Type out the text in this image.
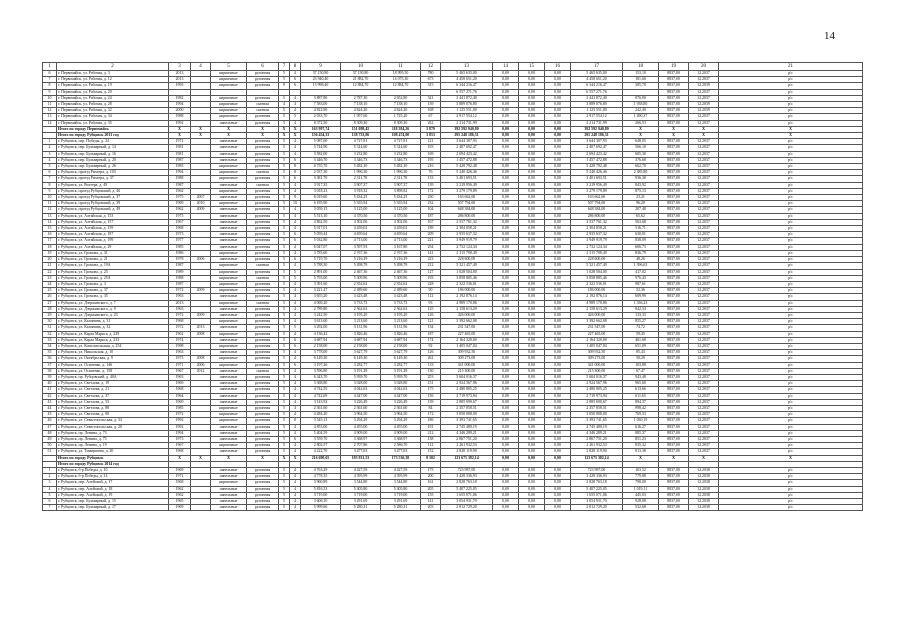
14
1	2	3	4	5	6	7	8	9	10	11	12	13	14	15	16	17	18	19	20	21
6	г. Первомайск, ул. Рабочая, д. 3	2013		кирпичные	рулонная	5	4	37 150,80	37 150,80	18 995,50	780	5 465 635,00	0,00	0,00	0,00	5 465 635,00	153,10	8837,00	12.2037	р/с
7	г. Первомайск, ул. Рабочая, д. 12	2013		кирпичные	рулонная	5	6	23 940,40	21 882,70	14 075,30	673	4 458 651,20	0,00	0,00	0,00	4 458 651,20	181,60	8837,00	12.2037	р/с
8	г. Первомайск, ул. Рабочая, д. 19	1993		кирпичные	рулонная	9	6	15 998,40	12 884,70	12 884,70	315	6 344 216,47	0,00	0,00	0,00	6 344 216,47	385,70	8837,00	12.2039	р/с
9	г. Первомайск, ул. Рабочая, д. 20											6 557 271,76	0,00	0,00	0,00	6 557 271,76		8837,00	12.2037	р/с
10	г. Первомайск, ул. Рабочая, д. 24	1982		кирпичные	рулонная	5	4	3 887,80	2 787,30	2 652,80	321	2 441 872,40	0,00	0,00	0,00	2 441 872,40	876,00	8837,00	12.2037	р/с
11	г. Первомайск, ул. Рабочая, д. 28	1994		кирпичные	скатная	4	4	7 583,00	7 138,10	7 138,10	139	3 889 076,80	0,00	0,00	0,00	3 889 076,80	1 938,80	8837,00	12.2039	р/с
12	г. Первомайск, ул. Рабочая, д. 32	2000		кирпичные	скатная	5	4	4 822,90	4 624,20	4 624,20	168	1 125 551,00	0,00	0,00	0,00	1 125 551,00	242,40	8837,00	12.2039	р/с
13	г. Первомайск, ул. Рабочая, д. 34	1988		кирпичные	рулонная	5	5	2 033,70	1 957,60	1 725,20	67	2 917 554,12	0,00	0,00	0,00	2 917 554,12	1 490,37	8837,00	12.2037	р/с
14	г. Первомайск, ул. Рабочая, д. 35	1992		панельные	рулонная	5	4	8 372,50	8 309,30	8 309,30	261	2 214 731,99	0,00	0,00	0,00	2 214 731,99	266,53	8837,00	12.2037	р/с
	Итого по городу Первомайск	Х	Х	Х	Х	Х	Х	163 997,74	151 098,45	118 584,26	3 879	392 592 940,80	0,00	0,00	0,00	392 592 940,80	Х	Х	Х	Х
	Итого по городу Рубцовск 2013 год	Х	Х	Х	Х	Х	Х	156 454,33	138 733,86	108 474,00	3 853	295 248 186,31	0,00	0,00	0,00	295 248 186,31	Х	Х	Х	Х
1	г. Рубцовск, пер. Победы, д. 24	1972		панельные	рулонная	5	4	5 087,60	4 727,81	4 727,81	121	3 644 307,93	0,00	0,00	0,00	3 644 307,93	648,05	8837,00	12.2037	р/с
2	г. Рубцовск, пер. Бульварный, д. 14	1981		панельные	рулонная	5	4	5 744,90	5 314,60	5 314,60	193	2 407 692,47	0,00	0,00	0,00	2 407 692,47	566,10	8837,00	12.2037	р/с
3	г. Рубцовск, пер. Бульварный, д. 16	1981		панельные	рулонная	5	4	3 582,00	3 232,80	3 232,80	169	2 694 423,42	0,00	0,00	0,00	2 694 423,42	605,30	8837,00	12.2037	р/с
4	г. Рубцовск, пер. Бульварный, д. 20	1987		панельные	рулонная	5	6	3 446,70	3 346,73	3 346,73	195	1 457 472,88	0,00	0,00	0,00	1 457 472,88	376,68	8837,00	12.2037	р/с
5	г. Рубцовск, пер. Бульварный, д. 26	1983		кирпичные	рулонная	5	8	6 735,70	5 482,10	5 482,10	216	5 428 792,48	0,00	0,00	0,00	5 428 792,48	662,70	8837,00	12.2037	р/с
6	г. Рубцовск, проезд Рихтера, д. 103	1994		кирпичные	скатная	5	8	2 037,30	1 996,30	1 996,30	76	5 240 426,46	0,00	0,00	0,00	5 240 426,46	2 385,80	8837,00	12.2037	р/с
7	г. Рубцовск, проезд Рихтера, д. 37	1988		кирпичные	рулонная	5	6	3 381,70	2 311,70	2 311,70	133	3 401 693,51	0,00	0,00	0,00	3 401 693,51	936,30	8837,00	12.2037	р/с
8	г. Рубцовск, ул. Рихтера, д. 49	1987		панельные	скатная	5	4	3 917,35	3 907,37	3 907,37	139	3 219 956,49	0,00	0,00	0,00	3 219 956,49	843,92	8837,00	12.2037	р/с
9	г. Рубцовск, проезд Рубцовский, д. 46	1962		кирпичные	рулонная	5	4	3 018,23	3 918,32	3 898,82	172	3 279 179,89	0,00	0,00	0,00	3 279 179,89	875,13	8837,00	12.2037	р/с
10	г. Рубцовск, проезд Рубцовский, д. 37	1975	2007	панельные	рулонная	5	8	6 019,60	5 434,25	5 434,25	230	163 662,60	0,00	0,00	0,00	163 662,60	23,21	8837,00	12.2037	р/с
11	г. Рубцовск, проезд Рубцовский, д. 39	1969	2010	кирпичные	рулонная	5	10	6 185,90	5 335,94	5 335,94	232	507 794,60	0,00	0,00	0,00	507 794,60	96,20	8837,00	12.2037	р/с
12	г. Рубцовск, проезд Рубцовский, д. 49	1962	2009	панельные	рулонная	5	4	3 059,15	3 125,00	3 125,00	104	648 384,00	0,00	0,00	0,00	648 384,00	207,48	8837,00	12.2037	р/с
13	г. Рубцовск, ул. Алтайская, д. 153	1975		панельные	рулонная	5	4	5 513,10	4 370,50	4 370,50	187	286 800,00	0,00	0,00	0,00	286 800,00	65,62	8837,00	12.2037	р/с
14	г. Рубцовск, ул. Алтайская, д. 157	1967		панельные	рулонная	5	4	4 862,50	4 502,06	4 502,06	167	2 537 761,32	0,00	0,00	0,00	2 537 761,32	563,68	8837,00	12.2037	р/с
15	г. Рубцовск, ул. Алтайская, д. 159	1968		панельные	рулонная	5	4	5 017,01	4 459,02	4 459,02	189	2 304 058,21	0,00	0,00	0,00	2 304 058,21	516,71	8837,00	12.2037	р/с
16	г. Рубцовск, ул. Алтайская, д. 187	1973		панельные	рулонная	5	6	5 059,44	4 659,64	4 659,64	209	2 935 637,32	0,00	0,00	0,00	2 935 637,32	630,01	8837,00	12.2037	р/с
17	г. Рубцовск, ул. Алтайская, д. 199	1977		панельные	рулонная	5	6	5 032,80	4 713,00	4 713,00	221	3 949 919,79	0,00	0,00	0,00	3 949 919,79	838,09	8837,00	12.2037	р/с
18	г. Рубцовск, ул. Алтайская, д. 29	1985		панельные	рулонная	5	4	6 047,07	3 597,93	3 167,80	254	2 732 124,34	0,00	0,00	0,00	2 732 124,34	606,73	8837,00	12.2037	р/с
19	г. Рубцовск, ул. Громова, д. 31	1986		кирпичные	рулонная	5	4	3 783,60	2 767,36	2 767,36	141	2 315 708,49	0,00	0,00	0,00	2 315 708,49	836,79	8837,00	12.2037	р/с
20	г. Рубцовск, ул. Громова, д. 21	1978	2006	панельные	рулонная	5	6	5 719,70	5 216,19	5 216,19	223	228 600,00	0,00	0,00	0,00	228 600,00	48,26	8837,00	12.2037	р/с
21	г. Рубцовск, ул. Громова, д. 19А	1987		кирпичные	скатная	5	4	5 788,30	5 498,78	5 498,78	212	5 321 457,49	0,00	0,00	0,00	5 321 457,49	1 396,63	8837,00	12.2037	р/с
22	г. Рубцовск, ул. Громова, д. 25	1989		кирпичные	рулонная	5	5	2 891,00	2 467,36	2 467,36	127	1 028 504,00	0,00	0,00	0,00	1 028 504,00	417,02	8837,00	12.2037	р/с
23	г. Рубцовск, ул. Громова, д. 25А	1988		кирпичные	скатная	5	5	5 793,00	5 309,96	5 309,96	193	3 858 885,46	0,00	0,00	0,00	3 858 885,46	976,43	8837,00	12.2037	р/с
24	г. Рубцовск, ул. Громова, д. 3	1987		кирпичные	рулонная	5	4	3 391,60	2 352,62	2 352,62	228	2 322 536,01	0,00	0,00	0,00	2 322 536,01	987,61	8837,00	12.2037	р/с
25	г. Рубцовск, ул. Громова, д. 37	1972	2009	кирпичные	рулонная	5	4	3 221,47	2 489,60	2 489,60	90	186 000,00	0,00	0,00	0,00	186 000,00	52,36	8837,00	12.2037	р/с
26	г. Рубцовск, ул. Громова, д. 35	1963		панельные	рулонная	5	4	3 655,20	3 423,48	3 423,48	112	2 192 876,14	0,00	0,00	0,00	2 192 876,14	609,99	8837,00	12.2037	р/с
27	г. Рубцовск, ул. Дзержинского, д. 7	2013		кирпичные	скатная	5	4	4 069,20	3 733,73	3 733,73	93	4 989 170,86	0,00	0,00	0,00	4 989 170,86	1 336,23	8837,00	12.2037	р/с
28	г. Рубцовск, ул. Дзержинского, д. 9	1963		панельные	рулонная	5	4	2 789,80	2 562,63	2 562,63	125	2 158 613,29	0,00	0,00	0,00	2 158 613,29	842,34	8837,00	12.2037	р/с
29	г. Рубцовск, ул. Дзержинского, д. 23	1972	2009	панельные	рулонная	5	4	3 242,50	3 195,20	3 195,20	126	426 000,00	0,00	0,00	0,00	426 000,00	133,33	8837,00	12.2037	р/с
30	г. Рубцовск, ул. Калинина, д. 31	1968		кирпичные	рулонная	5	4	3 613,60	3 213,60	3 213,60	121	3 392 662,08	0,00	0,00	0,00	3 392 662,08	855,27	8837,00	12.2037	р/с
31	г. Рубцовск, ул. Калинина, д. 32	1972	2013	панельные	рулонная	5	5	3 292,00	3 131,96	3 131,96	134	231 547,00	0,00	0,00	0,00	231 547,00	74,72	8837,00	12.2037	р/с
32	г. Рубцовск, ул. Карла Маркса, д. 229	1962	2008	кирпичные	рулонная	5	4	4 136,42	3 826,46	3 826,46	187	227 465,00	0,00	0,00	0,00	227 465,00	59,45	8837,00	12.2037	р/с
33	г. Рубцовск, ул. Карла Маркса, д. 233	1974		панельные	рулонная	5	6	4 687,94	4 687,94	4 687,94	174	2 164 320,00	0,00	0,00	0,00	2 164 320,00	461,68	8837,00	12.2037	р/с
34	г. Рубцовск, ул. Комсомольская, д. 254	1998		кирпичные	рулонная	5	6	2 158,00	2 158,00	2 158,00	92	1 405 047,04	0,00	0,00	0,00	1 405 047,04	651,09	8837,00	12.2037	р/с
35	г. Рубцовск, ул. Никольская, д. 10	1963		панельные	рулонная	5	4	3 778,00	3 627,79	3 627,79	126	309 932,50	0,00	0,00	0,00	309 932,50	85,43	8837,00	12.2037	р/с
36	г. Рубцовск, ул. Октябрьская, д. 9	1973	2008	кирпичные	рулонная	5	4	6 149,30	6 149,30	6 149,30	261	309 273,00	0,00	0,00	0,00	309 273,00	50,29	8837,00	12.2037	р/с
37	г. Рубцовск, ул. Осипенко, д. 146	1971	2006	кирпичные	рулонная	5	6	3 197,26	3 282,77	3 282,77	133	341 000,00	0,00	0,00	0,00	341 000,00	103,88	8837,00	12.2037	р/с
38	г. Рубцовск, ул. Осипенко, д. 158	1967	2012	панельные	скатная	5	4	3 596,80	3 191,28	3 191,28	130	215 300,00	0,00	0,00	0,00	215 300,00	67,47	8837,00	12.2037	р/с
39	г. Рубцовск, пр. Рубцовский, д. 40А	1963		панельные	рулонная	5	4	6 343,70	5 939,70	5 939,70	253	5 604 016,37	0,00	0,00	0,00	5 604 016,37	943,48	8837,00	12.2037	р/с
40	г. Рубцовск, ул. Светлова, д. 19	1969		панельные	рулонная	5	4	3 368,80	3 028,00	3 028,80	151	2 924 567,96	0,00	0,00	0,00	2 924 567,96	965,60	8837,00	12.2037	р/с
41	г. Рубцовск, ул. Светлова, д. 21	1968		панельные	рулонная	5	4	4 742,55	4 042,63	4 042,63	175	2 480 805,25	0,00	0,00	0,00	2 480 805,25	613,66	8837,00	12.2037	р/с
42	г. Рубцовск, ул. Светлова, д. 37	1964		панельные	рулонная	5	4	4 742,69	4 447,00	4 447,00	156	2 719 973,94	0,00	0,00	0,00	2 719 973,94	611,65	8837,00	12.2037	р/с
43	г. Рубцовск, ул. Светлова, д. 53	1969		панельные	рулонная	5	4	3 143,92	3 226,49	3 226,49	139	2 885 690,67	0,00	0,00	0,00	2 885 690,67	894,37	8837,00	12.2037	р/с
44	г. Рубцовск, ул. Светлова, д. 88	1985		кирпичные	рулонная	5	4	2 361,60	2 361,60	2 361,60	84	2 357 858,51	0,00	0,00	0,00	2 357 858,51	998,42	8837,00	12.2037	р/с
45	г. Рубцовск, ул. Светлова, д. 90	1972		кирпичные	рулонная	5	4	4 484,20	3 964,50	3 964,50	172	3 050 808,00	0,00	0,00	0,00	3 050 808,00	769,53	8837,00	12.2037	р/с
46	г. Рубцовск, ул. Севастопольская, д. 33	1992		кирпичные	рулонная	5	8	3 545,13	3 294,29	3 294,29	186	3 393 741,65	0,00	0,00	0,00	3 393 741,65	1 030,19	8837,00	12.2037	р/с
47	г. Рубцовск, ул. Севастопольская, д. 20	1992		панельные	рулонная	5	4	4 853,00	4 455,00	4 455,00	191	2 745 480,19	0,00	0,00	0,00	2 745 480,19	616,27	8837,00	12.2037	р/с
48	г. Рубцовск, пр. Ленина, д. 73	1994		панельные	рулонная	5	4	5 404,59	4 909,00	4 909,00	212	4 346 289,21	0,00	0,00	0,00	4 346 289,21	885,37	8837,00	12.2037	р/с
49	г. Рубцовск, пр. Ленина, д. 75	1973		панельные	рулонная	5	6	3 559,70	3 368,97	3 368,97	138	2 867 751,20	0,00	0,00	0,00	2 867 751,20	851,23	8837,00	12.2037	р/с
50	г. Рубцовск, пр. Ленина, д. 19	1967		кирпичные	рулонная	5	4	2 802,57	2 707,86	2 586,70	112	2 261 932,53	0,00	0,00	0,00	2 261 932,53	835,32	8837,00	12.2037	р/с
51	г. Рубцовск, ул. Тимирязева, д. 20	1968		панельные	рулонная	5	4	4 222,70	3 477,03	3 477,03	152	2 828 119,90	0,00	0,00	0,00	2 828 119,90	813,38	8837,00	12.2037	р/с
	Итого по городу Рубцовск	Х	Х	Х	Х	Х	Х	216 690,65	195 931,53	173 536,38	8 302	123 675 382,14	0,00	0,00	0,00	123 675 382,14	Х	Х	Х	Х
	Итого по городу Рубцовск 2014 год																			
1	г. Рубцовск, б-р Победы, д. 10	1969		панельные	рулонная	5	4	4 763,29	4 427,59	4 427,59	175	723 987,00	0,00	0,00	0,00	723 987,00	163,52	8837,00	12.2038	р/с
2	г. Рубцовск, б-р Победы, д. 14	1972		панельные	рулонная	5	4	4 778,35	4 395,99	4 395,99	200	3 428 336,93	0,00	0,00	0,00	3 428 336,93	779,88	8837,00	12.2038	р/с
3	г. Рубцовск, пер. Алейский, д. 17	1968		кирпичные	рулонная	5	4	3 960,89	3 544,80	3 544,80	161	2 828 763,18	0,00	0,00	0,00	2 828 763,18	798,00	8837,00	12.2038	р/с
4	г. Рубцовск, пер. Алейский, д. 18	1962		панельные	рулонная	5	4	5 816,53	5 305,80	5 305,80	205	5 407 225,05	0,00	0,00	0,00	5 407 225,05	1 019,11	8837,00	12.2038	р/с
5	г. Рубцовск, пер. Алейский, д. 19	1962		панельные	рулонная	5	4	3 719,00	3 719,00	3 719,00	155	1 655 071,06	0,00	0,00	0,00	1 655 071,06	445,03	8837,00	12.2038	р/с
6	г. Рубцовск, пер. Бульварный, д. 15	1965		панельные	рулонная	5	4	3 606,10	3 291,69	3 291,69	141	3 054 931,70	0,00	0,00	0,00	3 054 931,70	928,08	8837,00	12.2038	р/с
7	г. Рубцовск, пер. Бульварный, д. 17	1969		панельные	рулонная	5	4	5 999,66	5 280,31	5 280,31	203	2 812 729,20	0,00	0,00	0,00	2 812 729,20	532,68	8837,00	12.2038	р/с
